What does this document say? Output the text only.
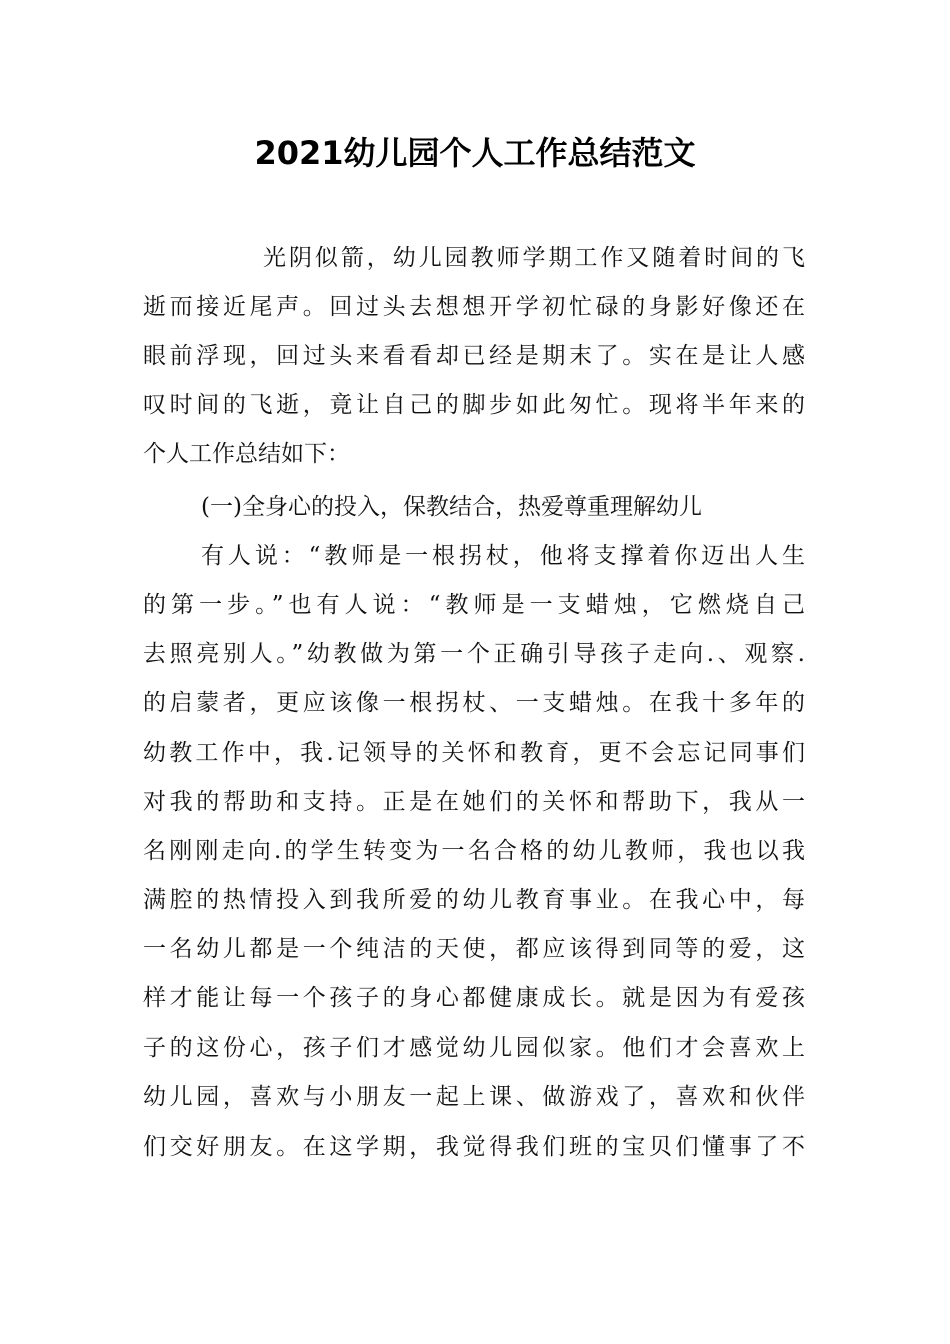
2021幼儿园个人工作总结范文

光阴似箭，幼儿园教师学期工作又随着时间的飞

逝而接近尾声。回过头去想想开学初忙碌的身影好像还在

眼前浮现，回过头来看看却已经是期末了。实在是让人感

叹时间的飞逝，竟让自己的脚步如此匆忙。现将半年来的

个人工作总结如下：

(一)全身心的投入，保教结合，热爱尊重理解幼儿

有人说：“教师是一根拐杖，他将支撑着你迈出人生

的第一步。”也有人说：“教师是一支蜡烛，它燃烧自己

去照亮别人。”幼教做为第一个正确引导孩子走向.、观察.

的启蒙者，更应该像一根拐杖、一支蜡烛。在我十多年的

幼教工作中，我.记领导的关怀和教育，更不会忘记同事们

对我的帮助和支持。正是在她们的关怀和帮助下，我从一

名刚刚走向.的学生转变为一名合格的幼儿教师，我也以我

满腔的热情投入到我所爱的幼儿教育事业。在我心中，每

一名幼儿都是一个纯洁的天使，都应该得到同等的爱，这

样才能让每一个孩子的身心都健康成长。就是因为有爱孩

子的这份心，孩子们才感觉幼儿园似家。他们才会喜欢上

幼儿园，喜欢与小朋友一起上课、做游戏了，喜欢和伙伴

们交好朋友。在这学期，我觉得我们班的宝贝们懂事了不
